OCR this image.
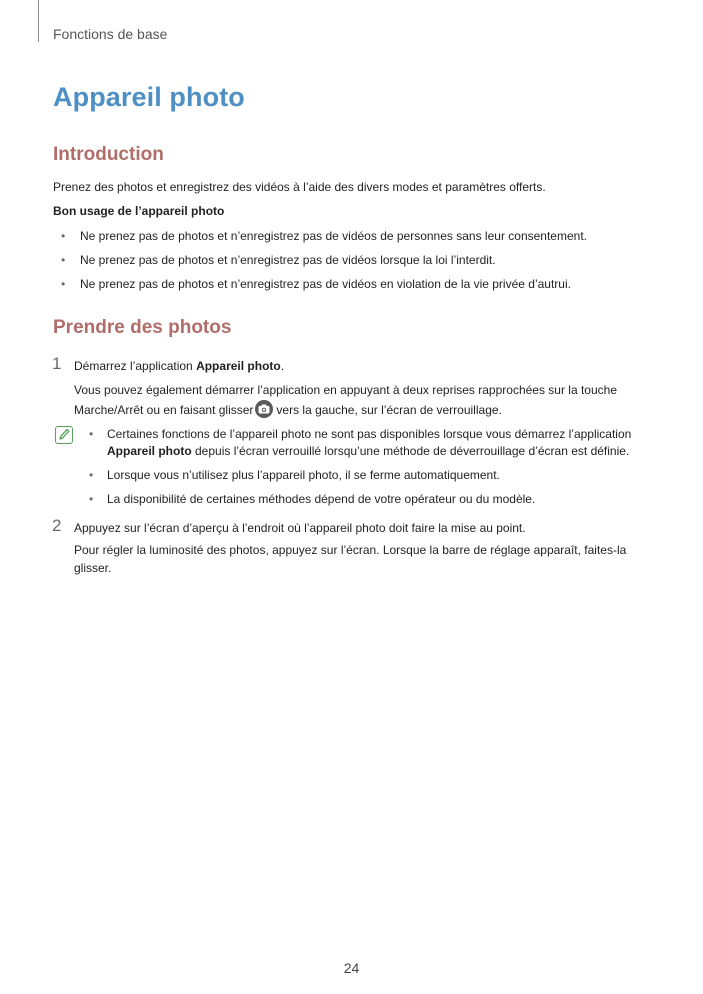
Fonctions de base
Appareil photo
Introduction

Prenez des photos et enregistrez des vidéos à l’aide des divers modes et paramètres offerts.

Bon usage de l’appareil photo

• Ne prenez pas de photos et n’enregistrez pas de vidéos de personnes sans leur consentement.

• Ne prenez pas de photos et n’enregistrez pas de vidéos lorsque la loi l’interdit.

• Ne prenez pas de photos et n’enregistrez pas de vidéos en violation de la vie privée d’autrui.

Prendre des photos
1 Démarrez l’application Appareil photo.

Vous pouvez également démarrer l’application en appuyant à deux reprises rapprochées sur la touche

Marche/Arrêt ou en faisant glisser vers la gauche, sur l’écran de verrouillage.

• Certaines fonctions de l’appareil photo ne sont pas disponibles lorsque vous démarrez l’application

Appareil photo depuis l’écran verrouillé lorsqu’une méthode de déverrouillage d’écran est définie.

• Lorsque vous n’utilisez plus l’appareil photo, il se ferme automatiquement.

• La disponibilité de certaines méthodes dépend de votre opérateur ou du modèle.

2 Appuyez sur l’écran d’aperçu à l’endroit où l’appareil photo doit faire la mise au point.

Pour régler la luminosité des photos, appuyez sur l’écran. Lorsque la barre de réglage apparaît, faites-la

glisser.

24
